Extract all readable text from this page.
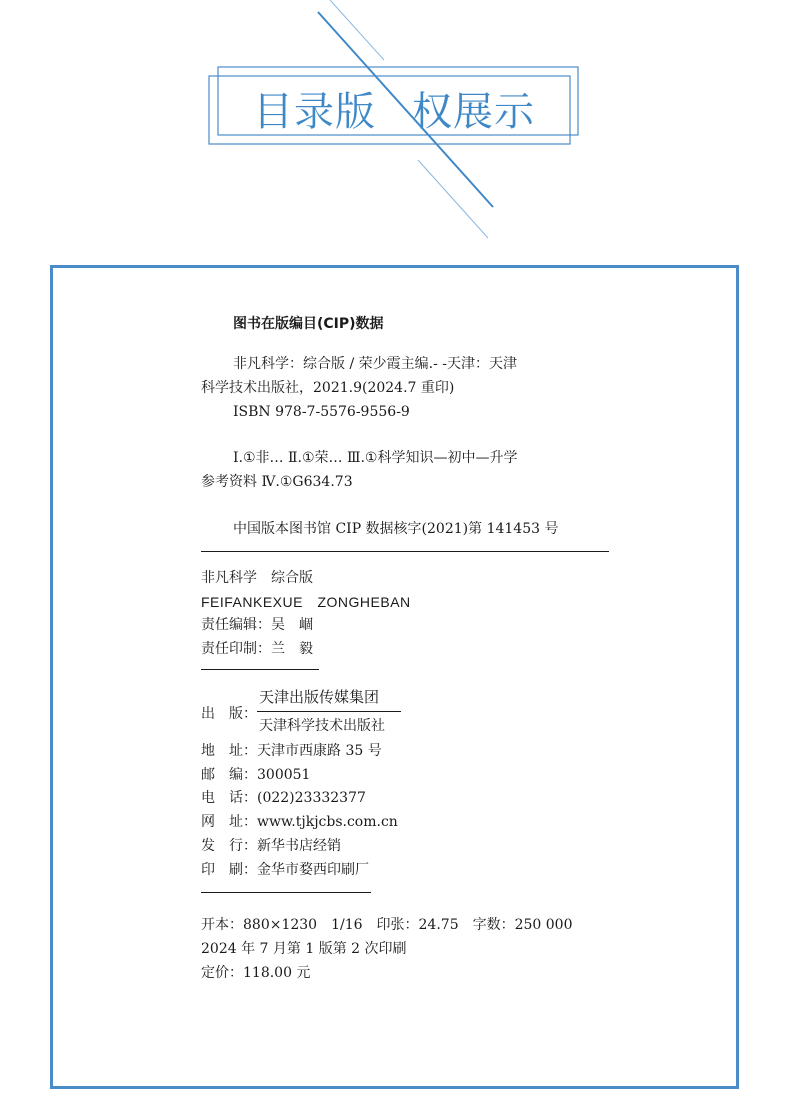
目录版 权展示
图书在版编目(CIP)数据
非凡科学：综合版 / 荣少霞主编.- -天津：天津
科学技术出版社，2021.9(2024.7 重印)
ISBN 978-7-5576-9556-9
Ⅰ.①非… Ⅱ.①荣… Ⅲ.①科学知识—初中—升学
参考资料 Ⅳ.①G634.73
中国版本图书馆 CIP 数据核字(2021)第 141453 号
非凡科学　综合版
FEIFANKEXUE　ZONGHEBAN
责任编辑：吴　崓
责任印制：兰　毅
出　版：
天津出版传媒集团
天津科学技术出版社
地　址：天津市西康路 35 号
邮　编：300051
电　话：(022)23332377
网　址：www.tjkjcbs.com.cn
发　行：新华书店经销
印　刷：金华市婺西印刷厂
开本：880×1230　1/16　印张：24.75　字数：250 000
2024 年 7 月第 1 版第 2 次印刷
定价：118.00 元
